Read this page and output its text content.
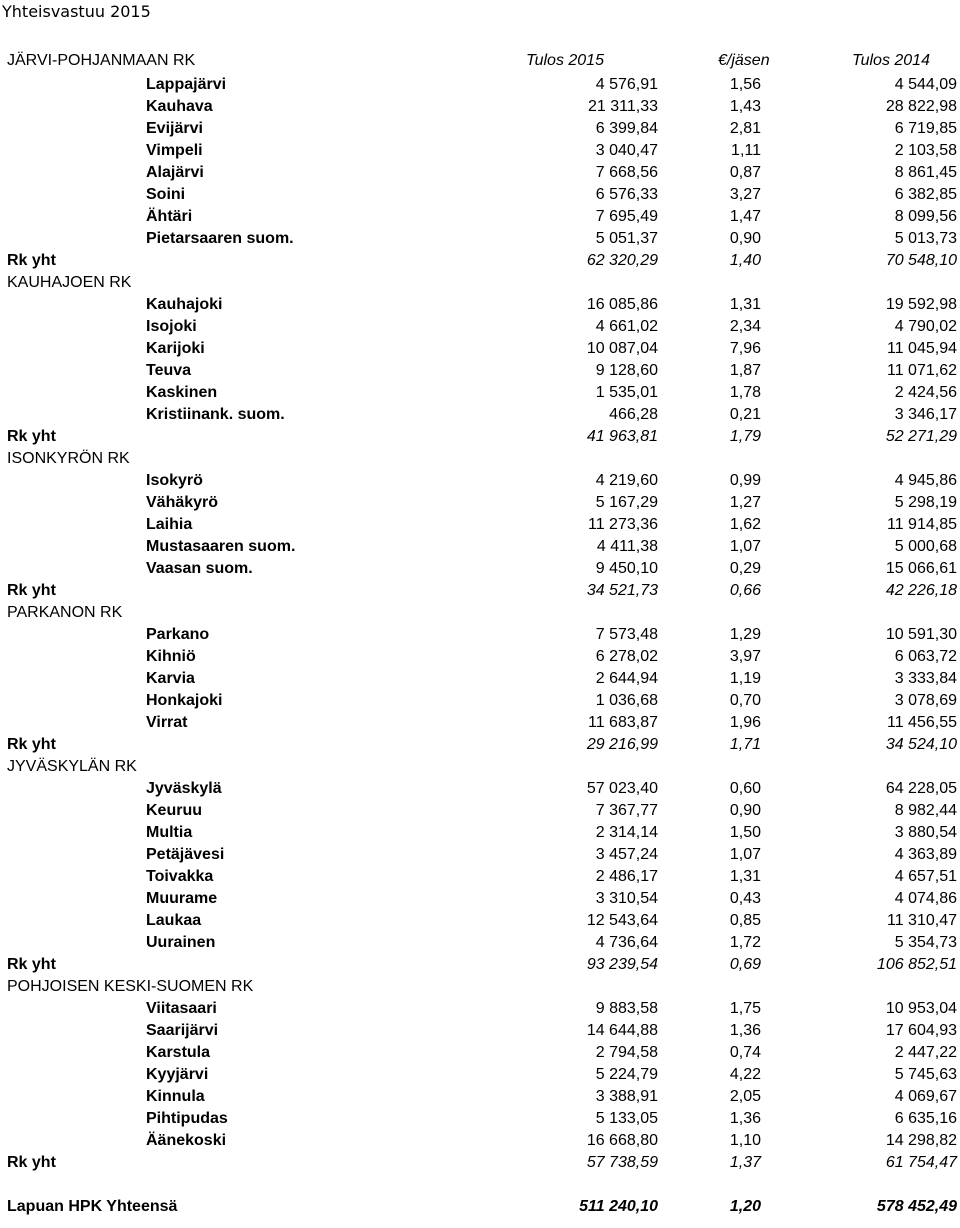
Yhteisvastuu 2015
JÄRVI-POHJANMAAN RK	Tulos 2015	€/jäsen	Tulos 2014
Lappajärvi	4 576,91	1,56	4 544,09
Kauhava	21 311,33	1,43	28 822,98
Evijärvi	6 399,84	2,81	6 719,85
Vimpeli	3 040,47	1,11	2 103,58
Alajärvi	7 668,56	0,87	8 861,45
Soini	6 576,33	3,27	6 382,85
Ähtäri	7 695,49	1,47	8 099,56
Pietarsaaren suom.	5 051,37	0,90	5 013,73
Rk yht	62 320,29	1,40	70 548,10
KAUHAJOEN RK
Kauhajoki	16 085,86	1,31	19 592,98
Isojoki	4 661,02	2,34	4 790,02
Karijoki	10 087,04	7,96	11 045,94
Teuva	9 128,60	1,87	11 071,62
Kaskinen	1 535,01	1,78	2 424,56
Kristiinank. suom.	466,28	0,21	3 346,17
Rk yht	41 963,81	1,79	52 271,29
ISONKYRÖN RK
Isokyrö	4 219,60	0,99	4 945,86
Vähäkyrö	5 167,29	1,27	5 298,19
Laihia	11 273,36	1,62	11 914,85
Mustasaaren suom.	4 411,38	1,07	5 000,68
Vaasan suom.	9 450,10	0,29	15 066,61
Rk yht	34 521,73	0,66	42 226,18
PARKANON RK
Parkano	7 573,48	1,29	10 591,30
Kihniö	6 278,02	3,97	6 063,72
Karvia	2 644,94	1,19	3 333,84
Honkajoki	1 036,68	0,70	3 078,69
Virrat	11 683,87	1,96	11 456,55
Rk yht	29 216,99	1,71	34 524,10
JYVÄSKYLÄN RK
Jyväskylä	57 023,40	0,60	64 228,05
Keuruu	7 367,77	0,90	8 982,44
Multia	2 314,14	1,50	3 880,54
Petäjävesi	3 457,24	1,07	4 363,89
Toivakka	2 486,17	1,31	4 657,51
Muurame	3 310,54	0,43	4 074,86
Laukaa	12 543,64	0,85	11 310,47
Uurainen	4 736,64	1,72	5 354,73
Rk yht	93 239,54	0,69	106 852,51
POHJOISEN KESKI-SUOMEN RK
Viitasaari	9 883,58	1,75	10 953,04
Saarijärvi	14 644,88	1,36	17 604,93
Karstula	2 794,58	0,74	2 447,22
Kyyjärvi	5 224,79	4,22	5 745,63
Kinnula	3 388,91	2,05	4 069,67
Pihtipudas	5 133,05	1,36	6 635,16
Äänekoski	16 668,80	1,10	14 298,82
Rk yht	57 738,59	1,37	61 754,47
Lapuan HPK Yhteensä	511 240,10	1,20	578 452,49
